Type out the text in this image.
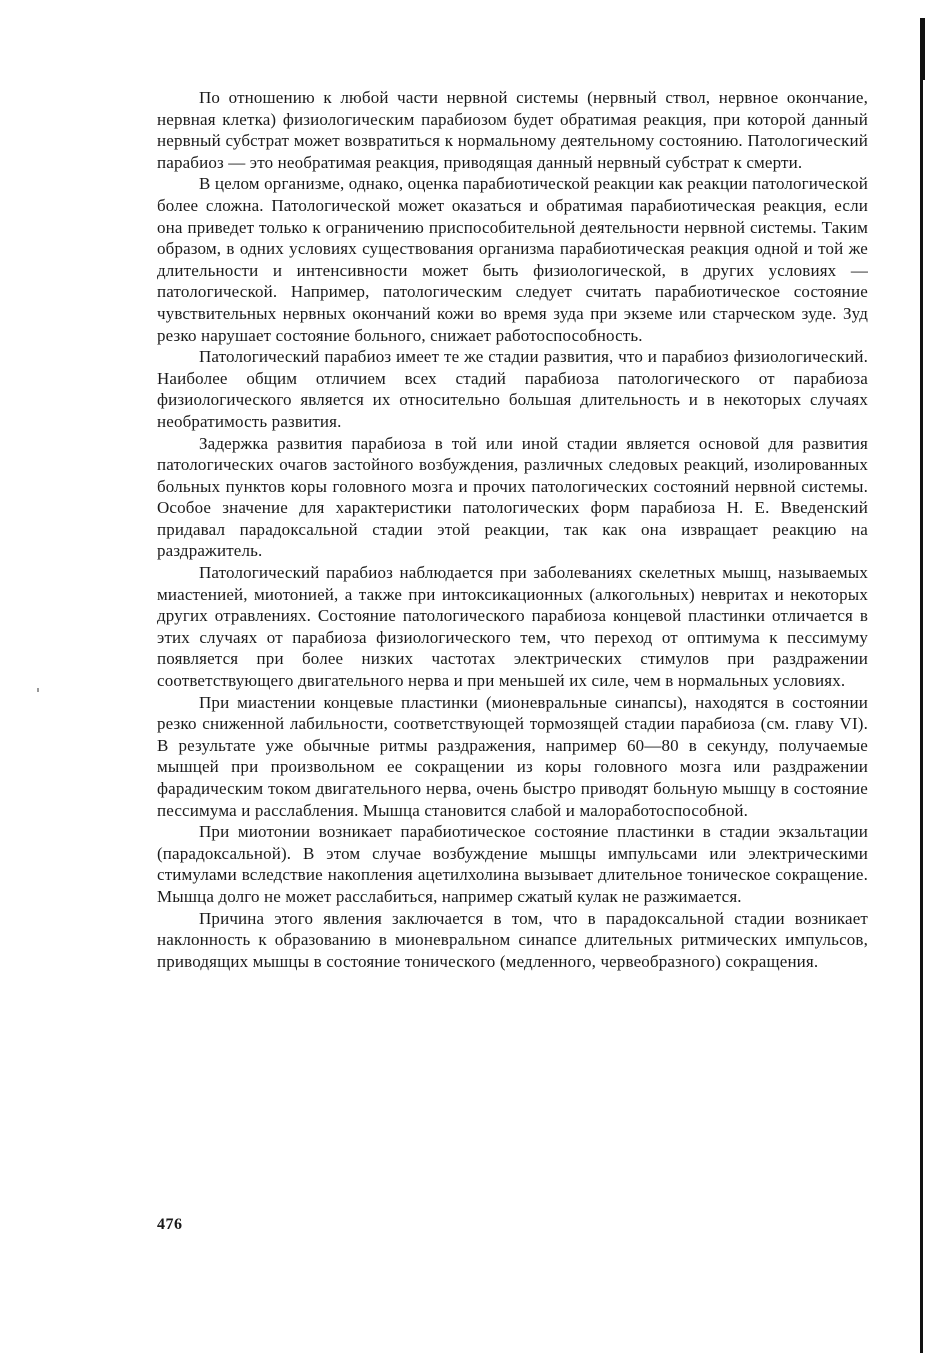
По отношению к любой части нервной системы (нервный ствол, нервное окончание, нервная клетка) физиологическим парабиозом будет обратимая реакция, при которой данный нервный субстрат может возвратиться к нормальному деятельному состоянию. Патологический парабиоз — это необратимая реакция, приводящая данный нервный субстрат к смерти.

В целом организме, однако, оценка парабиотической реакции как реакции патологической более сложна. Патологической может оказаться и обратимая парабиотическая реакция, если она приведет только к ограничению приспособительной деятельности нервной системы. Таким образом, в одних условиях существования организма парабиотическая реакция одной и той же длительности и интенсивности может быть физиологической, в других условиях — патологической. Например, патологическим следует считать парабиотическое состояние чувствительных нервных окончаний кожи во время зуда при экземе или старческом зуде. Зуд резко нарушает состояние больного, снижает работоспособность.

Патологический парабиоз имеет те же стадии развития, что и парабиоз физиологический. Наиболее общим отличием всех стадий парабиоза патологического от парабиоза физиологического является их относительно большая длительность и в некоторых случаях необратимость развития.

Задержка развития парабиоза в той или иной стадии является основой для развития патологических очагов застойного возбуждения, различных следовых реакций, изолированных больных пунктов коры головного мозга и прочих патологических состояний нервной системы. Особое значение для характеристики патологических форм парабиоза Н. Е. Введенский придавал парадоксальной стадии этой реакции, так как она извращает реакцию на раздражитель.

Патологический парабиоз наблюдается при заболеваниях скелетных мышц, называемых миастенией, миотонией, а также при интоксикационных (алкогольных) невритах и некоторых других отравлениях. Состояние патологического парабиоза концевой пластинки отличается в этих случаях от парабиоза физиологического тем, что переход от оптимума к пессимуму появляется при более низких частотах электрических стимулов при раздражении соответствующего двигательного нерва и при меньшей их силе, чем в нормальных условиях.

При миастении концевые пластинки (мионевральные синапсы), находятся в состоянии резко сниженной лабильности, соответствующей тормозящей стадии парабиоза (см. главу VI). В результате уже обычные ритмы раздражения, например 60—80 в секунду, получаемые мышцей при произвольном ее сокращении из коры головного мозга или раздражении фарадическим током двигательного нерва, очень быстро приводят больную мышцу в состояние пессимума и расслабления. Мышца становится слабой и малоработоспособной.

При миотонии возникает парабиотическое состояние пластинки в стадии экзальтации (парадоксальной). В этом случае возбуждение мышцы импульсами или электрическими стимулами вследствие накопления ацетилхолина вызывает длительное тоническое сокращение. Мышца долго не может расслабиться, например сжатый кулак не разжимается.

Причина этого явления заключается в том, что в парадоксальной стадии возникает наклонность к образованию в мионевральном синапсе длительных ритмических импульсов, приводящих мышцы в состояние тонического (медленного, червеобразного) сокращения.

476
